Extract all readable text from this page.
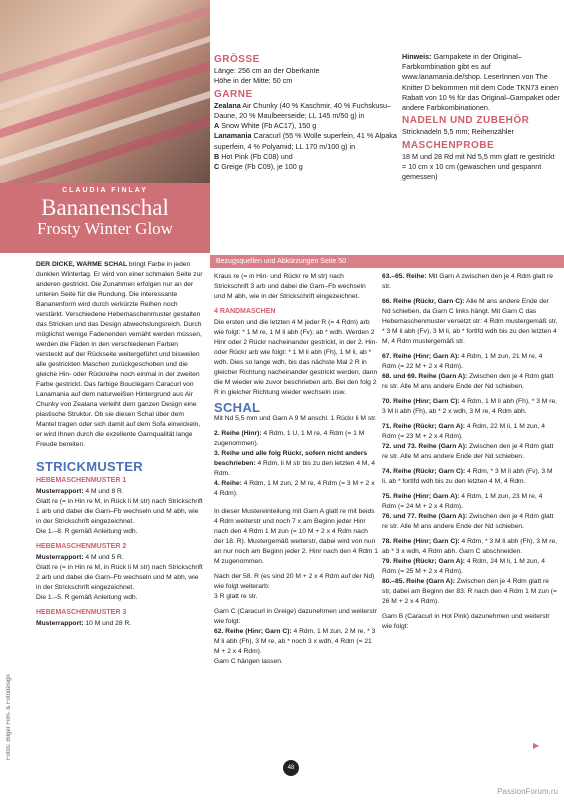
CLAUDIA FINLAY
Bananenschal
Frosty Winter Glow
GRÖSSE
Länge: 256 cm an der Oberkante
Höhe in der Mitte: 50 cm
GARNE
Zealana Air Chunky (40 % Kaschmir, 40 % Fuchskusu–Daune, 20 % Maulbeerseide; LL 145 m/50 g) in
A Snow White (Fb AC17), 150 g
Lanamania Caracurl (55 % Wolle superfein, 41 % Alpaka superfein, 4 % Polyamid; LL 170 m/100 g) in
B Hot Pink (Fb C08) und
C Greige (Fb C09), je 100 g
Hinweis: Garnpakete in der Original–Farbkombination gibt es auf www.lanamania.de/shop. LeserInnen von The Knitter D bekommen mit dem Code TKN73 einen Rabatt von 10 % für das Original–Garnpaket oder andere Farbkombinationen.
NADELN UND ZUBEHÖR
Stricknadeln 5,5 mm; Reihenzähler
MASCHENPROBE
18 M und 28 Rd mit Nd 5,5 mm glatt re gestrickt = 10 cm x 10 cm (gewaschen und gespannt gemessen)
Bezugsquellen und Abkürzungen Seite 50

DER DICKE, WARME SCHAL bringt Farbe in jeden dunklen Wintertag. Er wird von einer schmalen Seite zur anderen gestrickt. Die Zunahmen erfolgen nur an der unteren Seite für die Rundung. Die interessante Bananenform wird durch verkürzte Reihen noch verstärkt. Verschiedene Hebemaschenmuster gestalten das Stricken und das Design abwechslungsreich. Durch möglichst wenige Fadenenden vernäht werden müssen, werden die Fäden in den verschiedenen Farben versteckt auf der Rückseite weitergeführt und bisweilen alle gestrickten Maschen zurückgeschoben und die gleiche Hin- oder Rückreihe noch einmal in der zweiten Farbe gestrickt. Das farbige Bouclégarn Caracurl von Lanamania auf dem naturweißen Hintergrund aus Air Chunky von Zealana verleiht dem ganzen Design eine plastische Struktur. Ob sie diesen Schal über dem Mantel tragen oder sich damit auf dem Sofa einwickeln, er wird Ihnen durch die exzellente Garnqualität lange Freude bereiten.

STRICKMUSTER
HEBEMASCHENMUSTER 1
Musterrapport: 4 M und 8 R.
Glatt re (= in Hin re M, in Rück li M str) nach Strickschrift 1 arb und dabei die Garn–Fb wechseln und M abh, wie in der Strickschrift eingezeichnet.

Die 1.–8. R gemäß Anleitung wdh.

HEBEMASCHENMUSTER 2
Musterrapport: 4 M und 5 R.
Glatt re (= in Hin re M, in Rück li M str) nach Strickschrift 2 arb und dabei die Garn–Fb wechseln und M abh, wie in der Strickschrift eingezeichnet.

Die 1.–5. R gemäß Anleitung wdh.

HEBEMASCHENMUSTER 3
Musterrapport: 10 M und 28 R.

Kraus re (= in Hin- und Rückr re M str) nach Strickschrift 3 arb und dabei die Garn–Fb wechseln und M abh, wie in der Strickschrift eingezeichnet.

4 RANDMASCHEN

Die ersten und die letzten 4 M jeder R (= 4 Rdm) arb wie folgt: * 1 M re, 1 M li abh (Fv); ab * wdh. Werden 2 Hinr oder 2 Rückr nacheinander gestrickt, in der 2. Hin- oder Rückr arb wie folgt: * 1 M li abh (Fh), 1 M li, ab * wdh. Dies so lange wdh, bis das nächste Mal 2 R in gleicher Richtung nacheinander gestrickt werden, dann die M wieder wie zuvor beschrieben arb. Bei den folg 2 R in gleicher Richtung wieder wechseln usw.

SCHAL

Mit Nd 5,5 mm und Garn A 9 M anschl. 1 Rückr li M str.

2. Reihe (Hinr): 4 Rdm, 1 U, 1 M re, 4 Rdm (= 1 M zugenommen).
3. Reihe und alle folg Rückr, sofern nicht anders beschrieben: 4 Rdm, li M str bis zu den letzten 4 M, 4 Rdm.

4. Reihe: 4 Rdm, 1 M zun, 2 M re, 4 Rdm (= 3 M + 2 x 4 Rdm).

In dieser Mustereinteilung mit Garn A glatt re mit beids 4 Rdm weiterstr und noch 7 x am Beginn jeder Hinr nach den 4 Rdm 1 M zun (= 10 M + 2 x 4 Rdm nach der 18. R). Mustergemäß weiterstr, dabei wird von nun an nur noch am Beginn jeder 2. Hinr nach den 4 Rdm 1 M zugenommen.

Nach der 58. R (es sind 20 M + 2 x 4 Rdm auf der Nd) wie folgt weiterarb:

3 R glatt re str.

Garn C (Caracurl in Greige) dazunehmen und weiterstr wie folgt:
62. Reihe (Hinr; Garn C): 4 Rdm, 1 M zun, 2 M re, * 3 M li abh (Fh), 3 M re, ab * noch 3 x wdh, 4 Rdm (= 21 M + 2 x 4 Rdm).
Garn C hängen lassen.

63.–65. Reihe: Mit Garn A zwischen den je 4 Rdm glatt re str.

66. Reihe (Rückr, Garn C): Alle M ans andere Ende der Nd schieben, da Garn C links hängt. Mit Garn C das Hebemaschenmuster versetzt str: 4 Rdm mustergemäß str, * 3 M li abh (Fv), 3 M li, ab * fortlfd wdh bis zu den letzten 4 M, 4 Rdm mustergemäß str.

67. Reihe (Hinr; Garn A): 4 Rdm, 1 M zun, 21 M re, 4 Rdm (= 22 M + 2 x 4 Rdm).

68. und 69. Reihe (Garn A): Zwischen den je 4 Rdm glatt re str. Alle M ans andere Ende der Nd schieben.

70. Reihe (Hinr; Garn C): 4 Rdm, 1 M li abh (Fh), * 3 M re, 3 M li abh (Fh), ab * 2 x wdh, 3 M re, 4 Rdm abh.

71. Reihe (Rückr; Garn A): 4 Rdm, 22 M li, 1 M zun, 4 Rdm (= 23 M + 2 x 4 Rdm).

72. und 73. Reihe (Garn A): Zwischen den je 4 Rdm glatt re str. Alle M ans andere Ende der Nd schieben.

74. Reihe (Rückr; Garn C): 4 Rdm, * 3 M li abh (Fv), 3 M li, ab * fortlfd wdh bis zu den letzten 4 M, 4 Rdm.

75. Reihe (Hinr; Garn A): 4 Rdm, 1 M zun, 23 M re, 4 Rdm (= 24 M + 2 x 4 Rdm).

76. und 77. Reihe (Garn A): Zwischen den je 4 Rdm glatt re str. Alle M ans andere Ende der Nd schieben.

78. Reihe (Hinr; Garn C): 4 Rdm, * 3 M li abh (Fh), 3 M re, ab * 3 x wdh, 4 Rdm abh. Garn C abschneiden.
79. Reihe (Rückr; Garn A): 4 Rdm, 24 M li, 1 M zun, 4 Rdm (= 25 M + 2 x 4 Rdm).

80.–85. Reihe (Garn A): Zwischen den je 4 Rdm glatt re str, dabei am Beginn der 83. R nach den 4 Rdm 1 M zun (= 26 M + 2 x 4 Rdm).

Garn B (Caracurl in Hot Pink) dazunehmen und weiterstr wie folgt:

▶
Fotos: Bilger Film- & Fotodesign
48
PassionForum.ru
